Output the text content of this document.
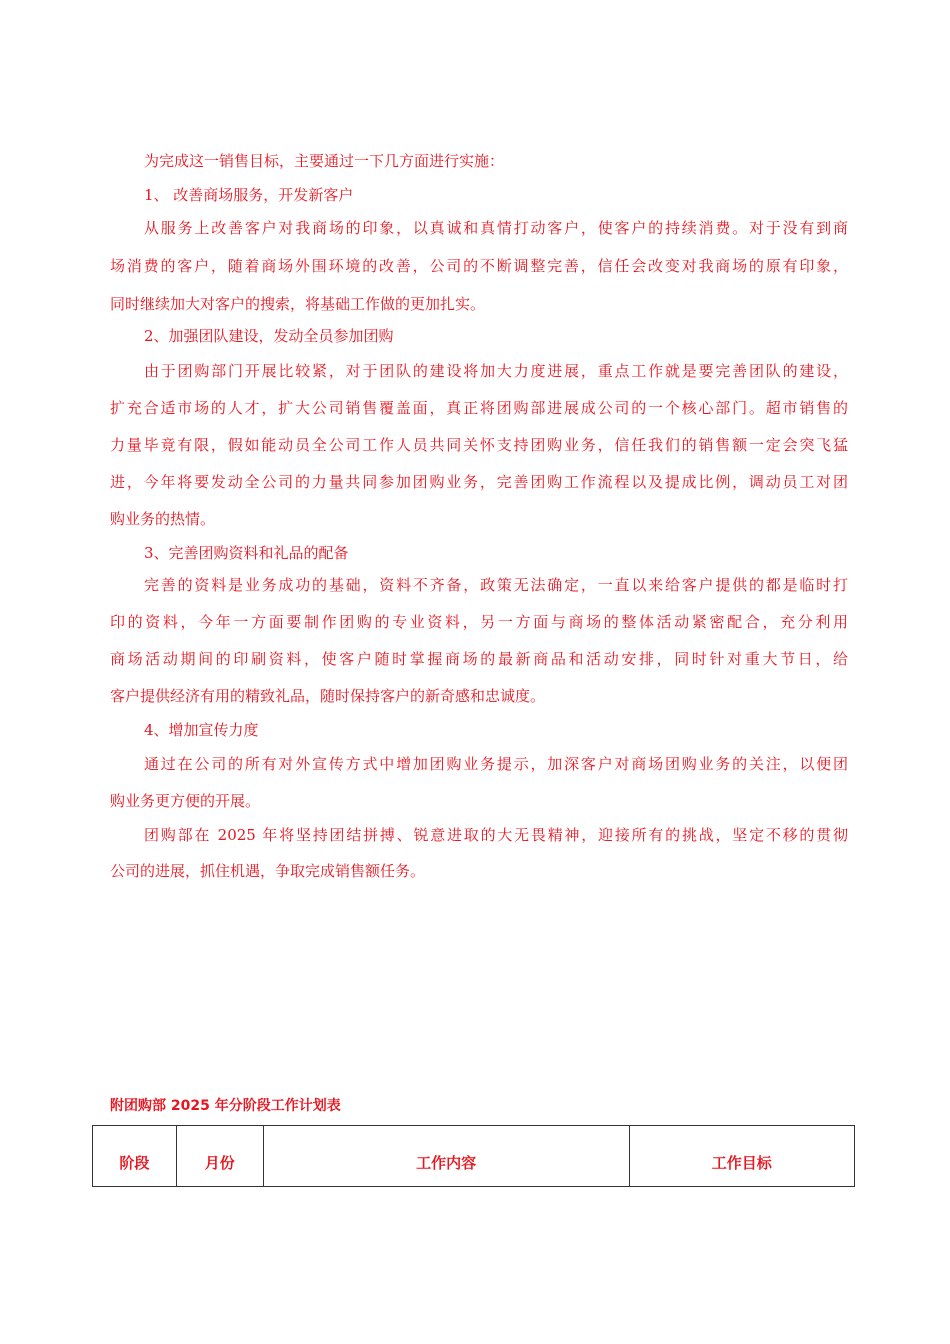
为完成这一销售目标，主要通过一下几方面进行实施：
1、 改善商场服务，开发新客户
从服务上改善客户对我商场的印象，以真诚和真情打动客户，使客户的持续消费。对于没有到商
场消费的客户，随着商场外围环境的改善，公司的不断调整完善，信任会改变对我商场的原有印象，
同时继续加大对客户的搜索，将基础工作做的更加扎实。
2、加强团队建设，发动全员参加团购
由于团购部门开展比较紧，对于团队的建设将加大力度进展，重点工作就是要完善团队的建设，
扩充合适市场的人才，扩大公司销售覆盖面，真正将团购部进展成公司的一个核心部门。超市销售的
力量毕竟有限，假如能动员全公司工作人员共同关怀支持团购业务，信任我们的销售额一定会突飞猛
进，今年将要发动全公司的力量共同参加团购业务，完善团购工作流程以及提成比例，调动员工对团
购业务的热情。
3、完善团购资料和礼品的配备
完善的资料是业务成功的基础，资料不齐备，政策无法确定，一直以来给客户提供的都是临时打
印的资料，今年一方面要制作团购的专业资料，另一方面与商场的整体活动紧密配合，充分利用
商场活动期间的印刷资料，使客户随时掌握商场的最新商品和活动安排，同时针对重大节日，给
客户提供经济有用的精致礼品，随时保持客户的新奇感和忠诚度。
4、增加宣传力度
通过在公司的所有对外宣传方式中增加团购业务提示，加深客户对商场团购业务的关注，以便团
购业务更方便的开展。
团购部在 2025 年将坚持团结拼搏、锐意进取的大无畏精神，迎接所有的挑战，坚定不移的贯彻
公司的进展，抓住机遇，争取完成销售额任务。
附团购部 2025 年分阶段工作计划表
阶段	月份	工作内容	工作目标
